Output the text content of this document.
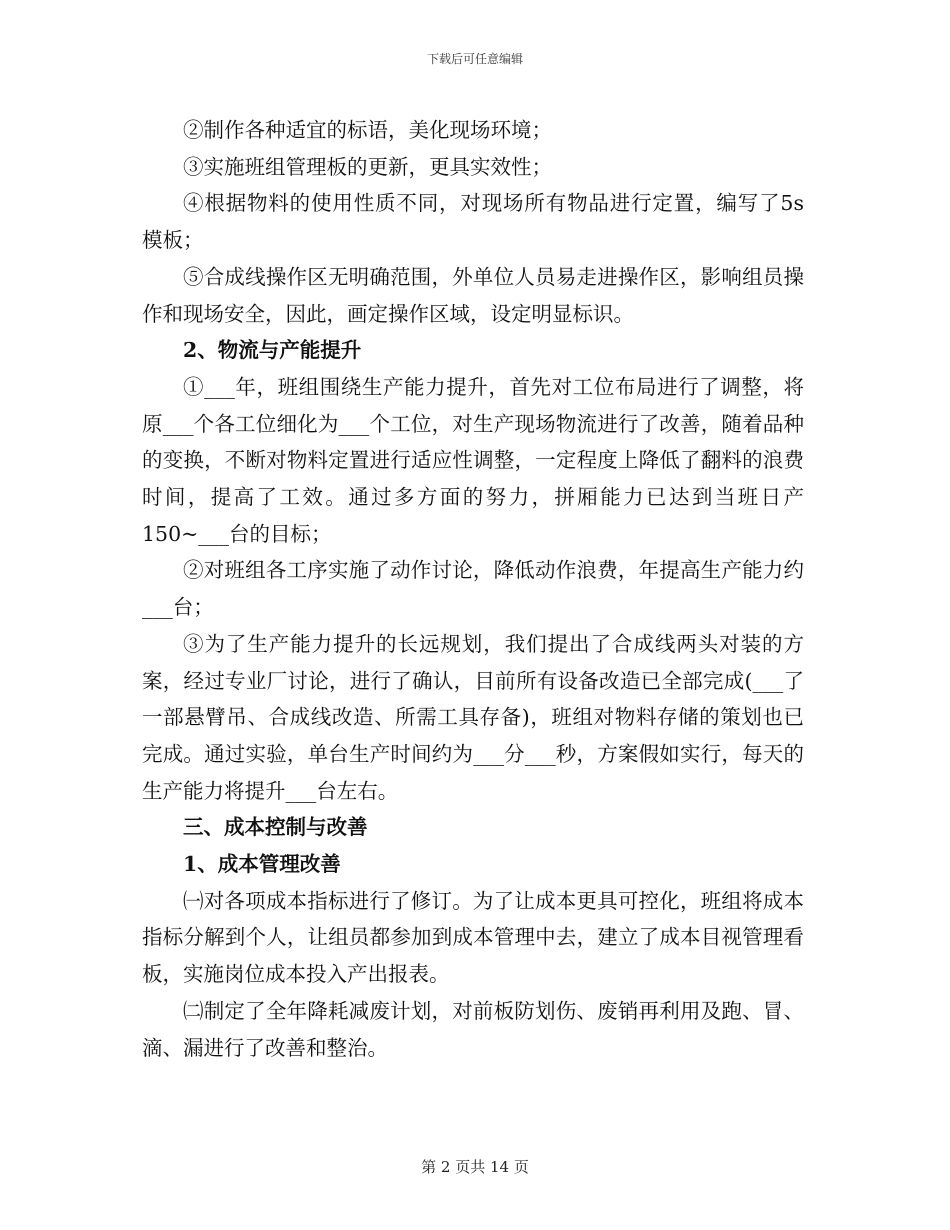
下载后可任意编辑

②制作各种适宜的标语，美化现场环境；

③实施班组管理板的更新，更具实效性；

④根据物料的使用性质不同，对现场所有物品进行定置，编写了5s 模板；

⑤合成线操作区无明确范围，外单位人员易走进操作区，影响组员操作和现场安全，因此，画定操作区域，设定明显标识。

2、物流与产能提升

①___年，班组围绕生产能力提升，首先对工位布局进行了调整，将原___个各工位细化为___个工位，对生产现场物流进行了改善，随着品种的变换，不断对物料定置进行适应性调整，一定程度上降低了翻料的浪费时间，提高了工效。通过多方面的努力，拼厢能力已达到当班日产 150~___台的目标；

②对班组各工序实施了动作讨论，降低动作浪费，年提高生产能力约___台；

③为了生产能力提升的长远规划，我们提出了合成线两头对装的方案，经过专业厂讨论，进行了确认，目前所有设备改造已全部完成(___了一部悬臂吊、合成线改造、所需工具存备)，班组对物料存储的策划也已完成。通过实验，单台生产时间约为___分___秒，方案假如实行，每天的生产能力将提升___台左右。

三、成本控制与改善

1、成本管理改善

㈠对各项成本指标进行了修订。为了让成本更具可控化，班组将成本指标分解到个人，让组员都参加到成本管理中去，建立了成本目视管理看板，实施岗位成本投入产出报表。

㈡制定了全年降耗减废计划，对前板防划伤、废销再利用及跑、冒、滴、漏进行了改善和整治。

第 2 页共 14 页
